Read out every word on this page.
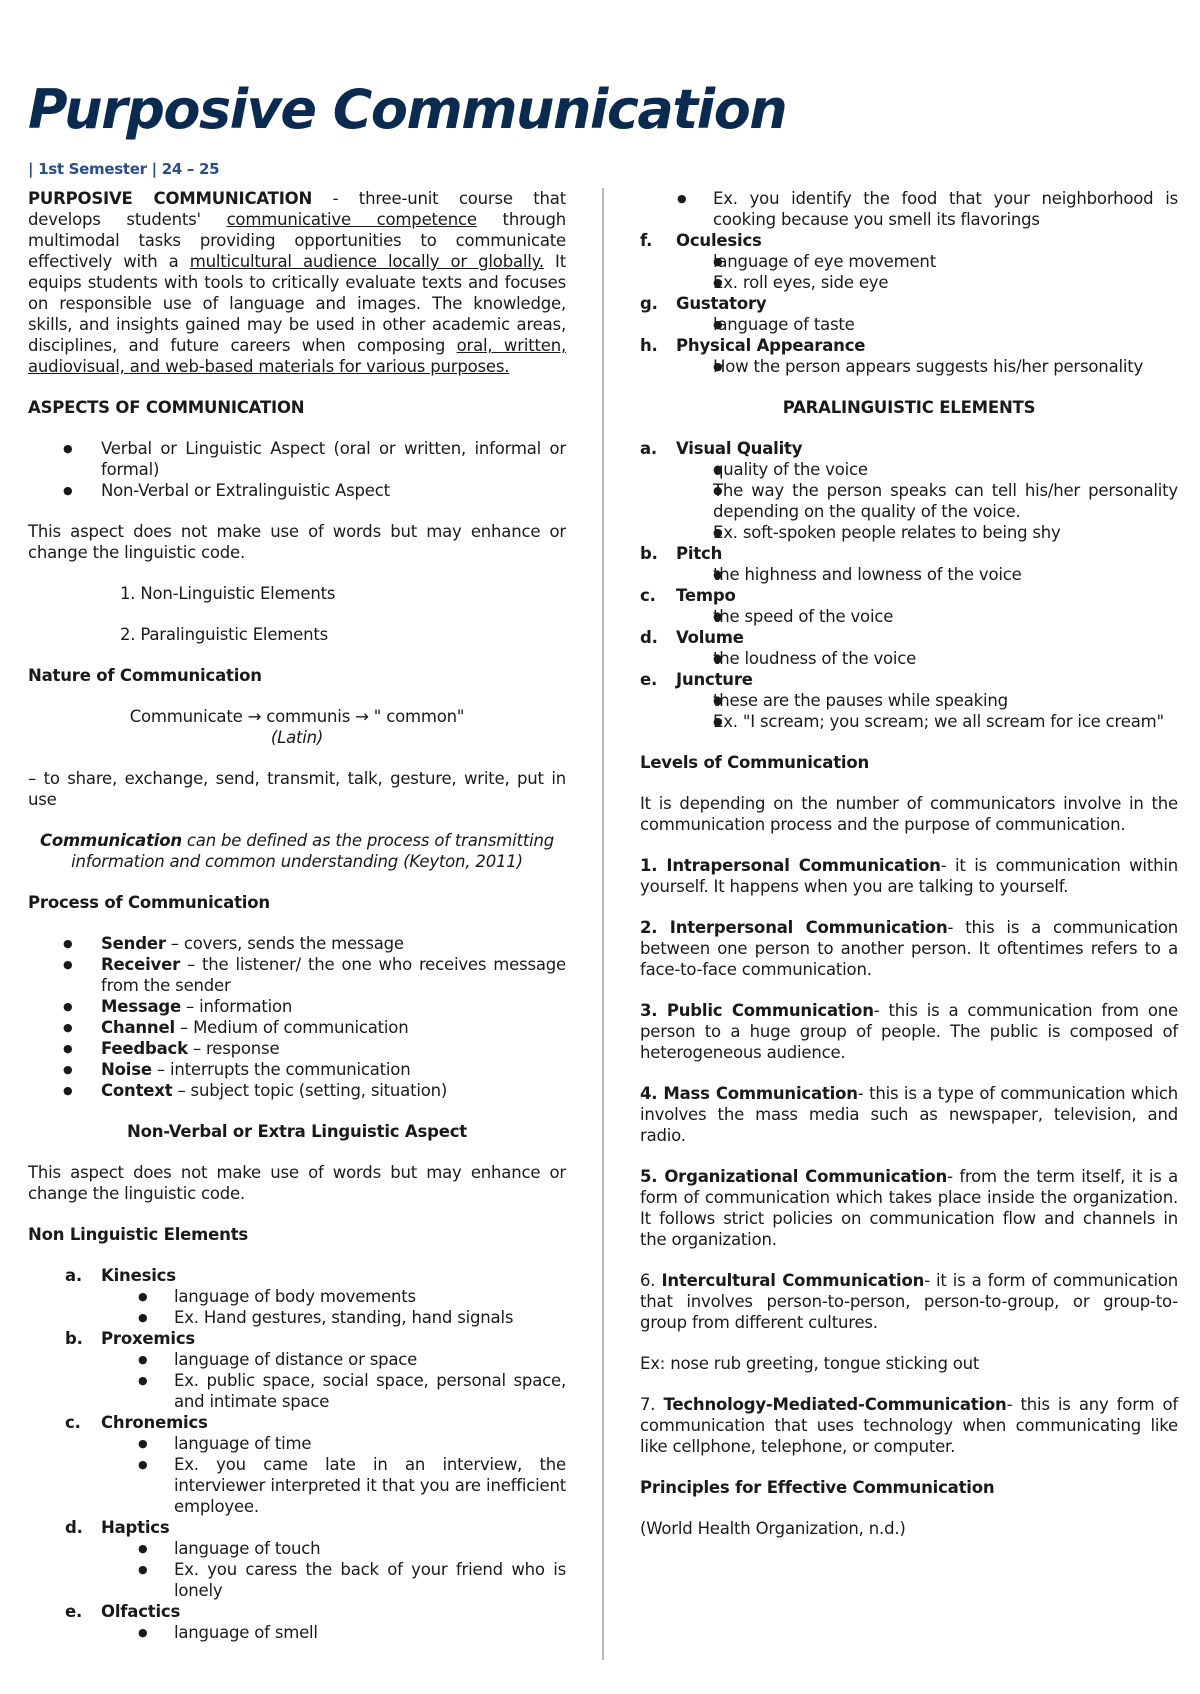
Purposive Communication
| 1st Semester | 24 – 25

PURPOSIVE COMMUNICATION - three-unit course that develops students' communicative competence through multimodal tasks providing opportunities to communicate effectively with a multicultural audience locally or globally. It equips students with tools to critically evaluate texts and focuses on responsible use of language and images. The knowledge, skills, and insights gained may be used in other academic areas, disciplines, and future careers when composing oral, written, audiovisual, and web-based materials for various purposes.

ASPECTS OF COMMUNICATION
● Verbal or Linguistic Aspect (oral or written, informal or formal)
● Non-Verbal or Extralinguistic Aspect

This aspect does not make use of words but may enhance or change the linguistic code.

1. Non-Linguistic Elements

2. Paralinguistic Elements

Nature of Communication
Communicate → communis → " common"

(Latin)

– to share, exchange, send, transmit, talk, gesture, write, put in use

Communication can be defined as the process of transmitting information and common understanding (Keyton, 2011)

Process of Communication
● Sender – covers, sends the message
● Receiver – the listener/ the one who receives message from the sender
● Message – information
● Channel – Medium of communication
● Feedback – response
● Noise – interrupts the communication
● Context – subject topic (setting, situation)
Non-Verbal or Extra Linguistic Aspect

This aspect does not make use of words but may enhance or change the linguistic code.

Non Linguistic Elements
a. Kinesics
● language of body movements
● Ex. Hand gestures, standing, hand signals
b. Proxemics
● language of distance or space
● Ex. public space, social space, personal space, and intimate space
c. Chronemics
● language of time
● Ex. you came late in an interview, the interviewer interpreted it that you are inefficient employee.
d. Haptics
● language of touch
● Ex. you caress the back of your friend who is lonely
e. Olfactics
● language of smell
● Ex. you identify the food that your neighborhood is cooking because you smell its flavorings
f. Oculesics
● language of eye movement
● Ex. roll eyes, side eye
g. Gustatory
● language of taste
h. Physical Appearance
● How the person appears suggests his/her personality
PARALINGUISTIC ELEMENTS
a. Visual Quality
● quality of the voice
● The way the person speaks can tell his/her personality depending on the quality of the voice.
● Ex. soft-spoken people relates to being shy
b. Pitch
● the highness and lowness of the voice
c. Tempo
● the speed of the voice
d. Volume
● the loudness of the voice
e. Juncture
● these are the pauses while speaking
● Ex. "I scream; you scream; we all scream for ice cream"
Levels of Communication

It is depending on the number of communicators involve in the communication process and the purpose of communication.

1. Intrapersonal Communication- it is communication within yourself. It happens when you are talking to yourself.

2. Interpersonal Communication- this is a communication between one person to another person. It oftentimes refers to a face-to-face communication.

3. Public Communication- this is a communication from one person to a huge group of people. The public is composed of heterogeneous audience.

4. Mass Communication- this is a type of communication which involves the mass media such as newspaper, television, and radio.

5. Organizational Communication- from the term itself, it is a form of communication which takes place inside the organization. It follows strict policies on communication flow and channels in the organization.

6. Intercultural Communication- it is a form of communication that involves person-to-person, person-to-group, or group-to-group from different cultures.

Ex: nose rub greeting, tongue sticking out

7. Technology-Mediated-Communication- this is any form of communication that uses technology when communicating like like cellphone, telephone, or computer.

Principles for Effective Communication

(World Health Organization, n.d.)
